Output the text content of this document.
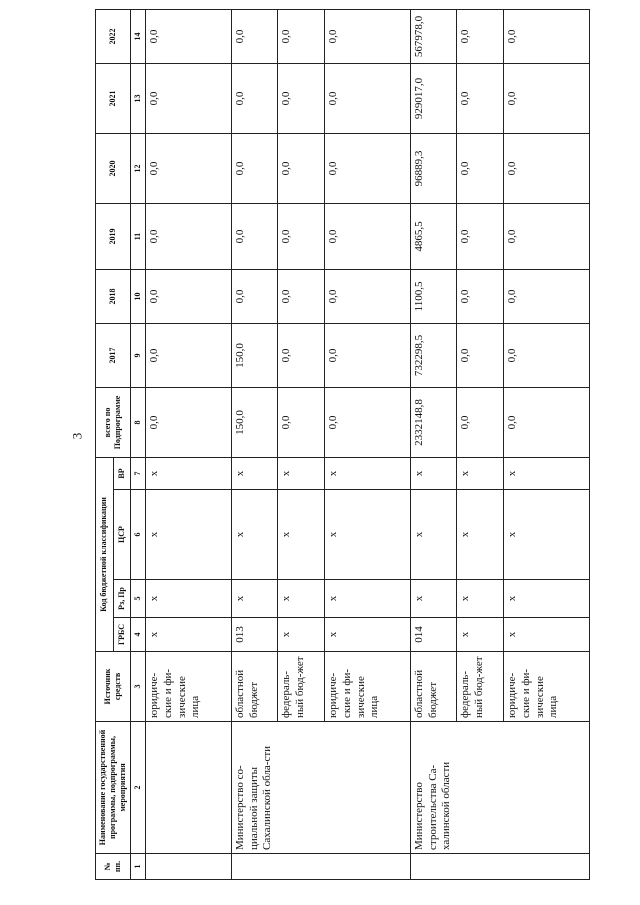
3
№ пп.	Наименование государственной программы, подпрограммы, мероприятия	Источник средств	Код бюджетной классификации				всего по Подпрограмме	2017	2018	2019	2020	2021	2022
			ГРБС	Рз, Пр	ЦСР	ВР							
1	2	3	4	5	6	7	8	9	10	11	12	13	14
		юридиче-ские и фи-зические лица	х	х	х	х	0,0	0,0	0,0	0,0	0,0	0,0	0,0
	Министерство со-циальной защиты Сахалинской обла-сти	областной бюджет	013	х	х	х	150,0	150,0	0,0	0,0	0,0	0,0	0,0
		федераль-ный бюд-жет	х	х	х	х	0,0	0,0	0,0	0,0	0,0	0,0	0,0
		юридиче-ские и фи-зические лица	х	х	х	х	0,0	0,0	0,0	0,0	0,0	0,0	0,0
	Министерство строительства Са-халинской области	областной бюджет	014	х	х	х	2332148,8	732298,5	1100,5	4865,5	96889,3	929017,0	567978,0
		федераль-ный бюд-жет	х	х	х	х	0,0	0,0	0,0	0,0	0,0	0,0	0,0
		юридиче-ские и фи-зические лица	х	х	х	х	0,0	0,0	0,0	0,0	0,0	0,0	0,0
